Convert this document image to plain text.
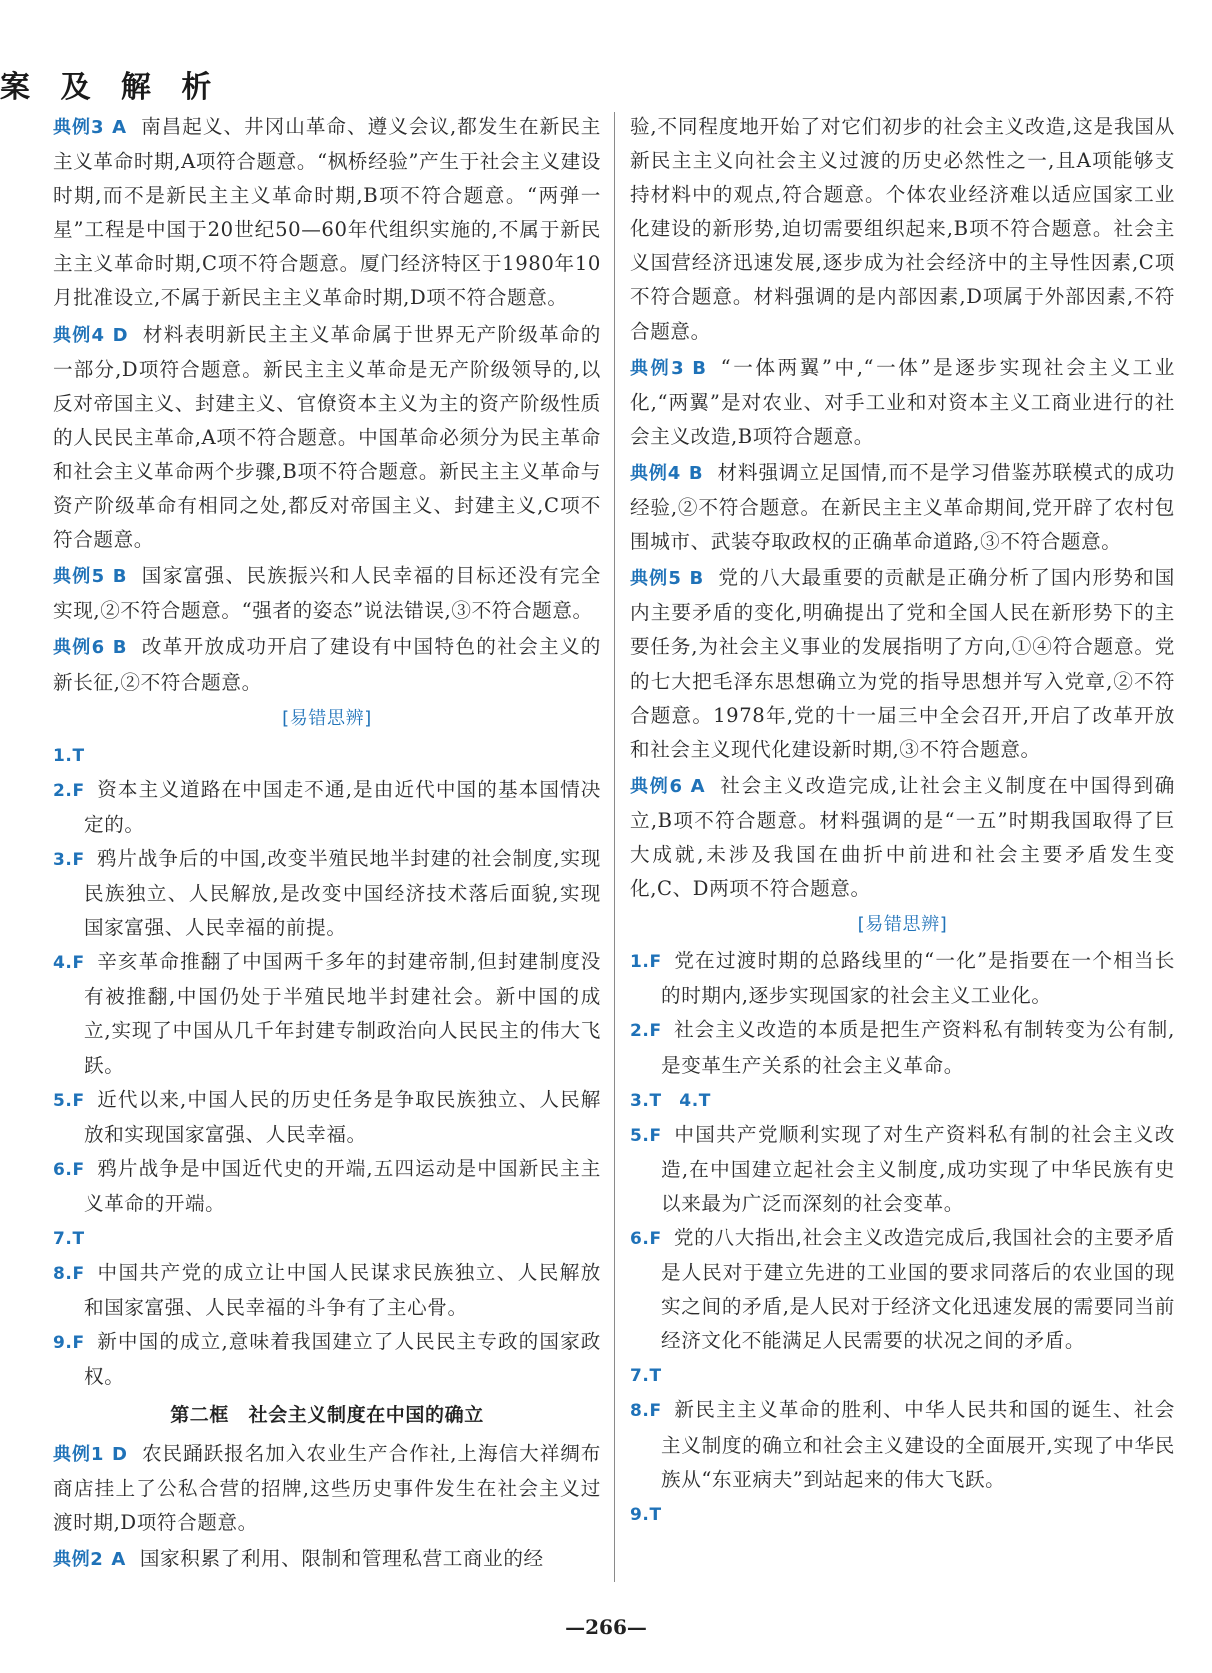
案 及 解 析

典例3 A 南昌起义、井冈山革命、遵义会议,都发生在新民主主义革命时期,A项符合题意。“枫桥经验”产生于社会主义建设时期,而不是新民主主义革命时期,B项不符合题意。“两弹一星”工程是中国于20世纪50—60年代组织实施的,不属于新民主主义革命时期,C项不符合题意。厦门经济特区于1980年10月批准设立,不属于新民主主义革命时期,D项不符合题意。

典例4 D 材料表明新民主主义革命属于世界无产阶级革命的一部分,D项符合题意。新民主主义革命是无产阶级领导的,以反对帝国主义、封建主义、官僚资本主义为主的资产阶级性质的人民民主革命,A项不符合题意。中国革命必须分为民主革命和社会主义革命两个步骤,B项不符合题意。新民主主义革命与资产阶级革命有相同之处,都反对帝国主义、封建主义,C项不符合题意。

典例5 B 国家富强、民族振兴和人民幸福的目标还没有完全实现,②不符合题意。“强者的姿态”说法错误,③不符合题意。

典例6 B 改革开放成功开启了建设有中国特色的社会主义的新长征,②不符合题意。

[易错思辨]

1.T

2.F 资本主义道路在中国走不通,是由近代中国的基本国情决定的。

3.F 鸦片战争后的中国,改变半殖民地半封建的社会制度,实现民族独立、人民解放,是改变中国经济技术落后面貌,实现国家富强、人民幸福的前提。

4.F 辛亥革命推翻了中国两千多年的封建帝制,但封建制度没有被推翻,中国仍处于半殖民地半封建社会。新中国的成立,实现了中国从几千年封建专制政治向人民民主的伟大飞跃。

5.F 近代以来,中国人民的历史任务是争取民族独立、人民解放和实现国家富强、人民幸福。

6.F 鸦片战争是中国近代史的开端,五四运动是中国新民主主义革命的开端。

7.T

8.F 中国共产党的成立让中国人民谋求民族独立、人民解放和国家富强、人民幸福的斗争有了主心骨。

9.F 新中国的成立,意味着我国建立了人民民主专政的国家政权。

第二框　社会主义制度在中国的确立

典例1 D 农民踊跃报名加入农业生产合作社,上海信大祥绸布商店挂上了公私合营的招牌,这些历史事件发生在社会主义过渡时期,D项符合题意。

典例2 A 国家积累了利用、限制和管理私营工商业的经

验,不同程度地开始了对它们初步的社会主义改造,这是我国从新民主主义向社会主义过渡的历史必然性之一,且A项能够支持材料中的观点,符合题意。个体农业经济难以适应国家工业化建设的新形势,迫切需要组织起来,B项不符合题意。社会主义国营经济迅速发展,逐步成为社会经济中的主导性因素,C项不符合题意。材料强调的是内部因素,D项属于外部因素,不符合题意。

典例3 B “一体两翼”中,“一体”是逐步实现社会主义工业化,“两翼”是对农业、对手工业和对资本主义工商业进行的社会主义改造,B项符合题意。

典例4 B 材料强调立足国情,而不是学习借鉴苏联模式的成功经验,②不符合题意。在新民主主义革命期间,党开辟了农村包围城市、武装夺取政权的正确革命道路,③不符合题意。

典例5 B 党的八大最重要的贡献是正确分析了国内形势和国内主要矛盾的变化,明确提出了党和全国人民在新形势下的主要任务,为社会主义事业的发展指明了方向,①④符合题意。党的七大把毛泽东思想确立为党的指导思想并写入党章,②不符合题意。1978年,党的十一届三中全会召开,开启了改革开放和社会主义现代化建设新时期,③不符合题意。

典例6 A 社会主义改造完成,让社会主义制度在中国得到确立,B项不符合题意。材料强调的是“一五”时期我国取得了巨大成就,未涉及我国在曲折中前进和社会主要矛盾发生变化,C、D两项不符合题意。

[易错思辨]

1.F 党在过渡时期的总路线里的“一化”是指要在一个相当长的时期内,逐步实现国家的社会主义工业化。

2.F 社会主义改造的本质是把生产资料私有制转变为公有制,是变革生产关系的社会主义革命。

3.T　4.T

5.F 中国共产党顺利实现了对生产资料私有制的社会主义改造,在中国建立起社会主义制度,成功实现了中华民族有史以来最为广泛而深刻的社会变革。

6.F 党的八大指出,社会主义改造完成后,我国社会的主要矛盾是人民对于建立先进的工业国的要求同落后的农业国的现实之间的矛盾,是人民对于经济文化迅速发展的需要同当前经济文化不能满足人民需要的状况之间的矛盾。

7.T

8.F 新民主主义革命的胜利、中华人民共和国的诞生、社会主义制度的确立和社会主义建设的全面展开,实现了中华民族从“东亚病夫”到站起来的伟大飞跃。

9.T

—266—
